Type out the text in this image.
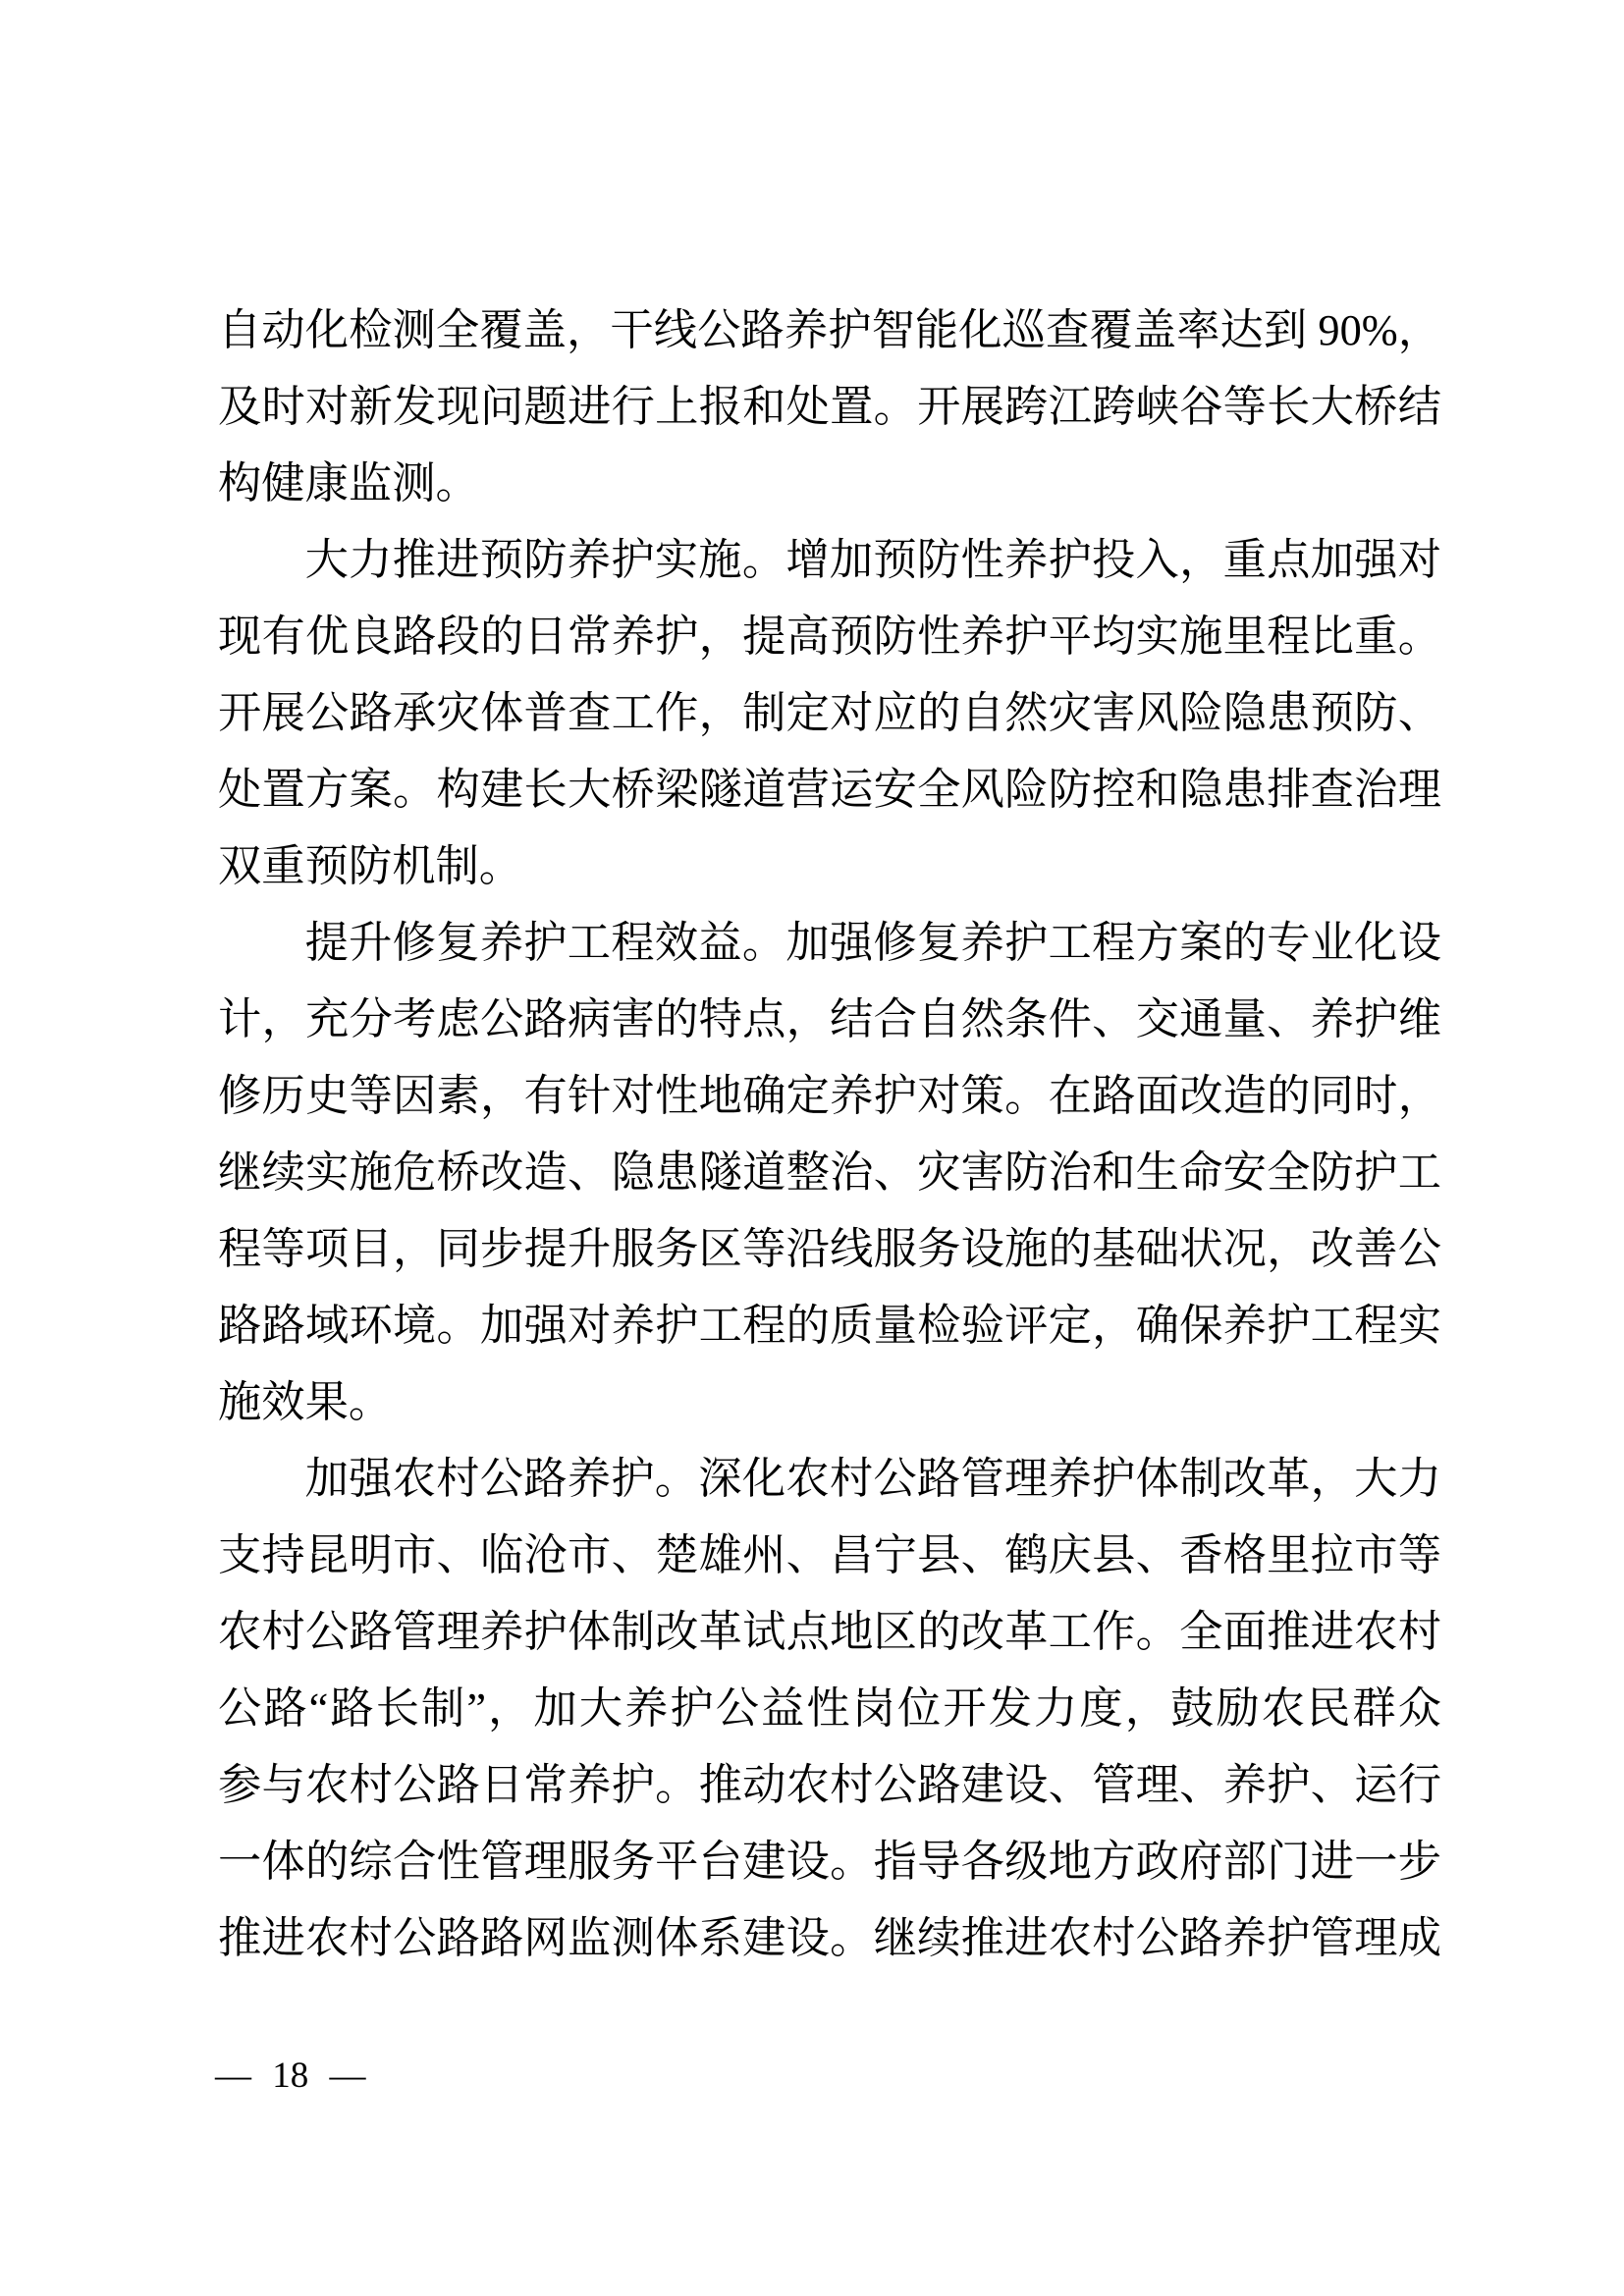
自动化检测全覆盖，干线公路养护智能化巡查覆盖率达到 90%，
及时对新发现问题进行上报和处置。开展跨江跨峡谷等长大桥结
构健康监测。
大力推进预防养护实施。增加预防性养护投入，重点加强对
现有优良路段的日常养护，提高预防性养护平均实施里程比重。
开展公路承灾体普查工作，制定对应的自然灾害风险隐患预防、
处置方案。构建长大桥梁隧道营运安全风险防控和隐患排查治理
双重预防机制。
提升修复养护工程效益。加强修复养护工程方案的专业化设
计，充分考虑公路病害的特点，结合自然条件、交通量、养护维
修历史等因素，有针对性地确定养护对策。在路面改造的同时，
继续实施危桥改造、隐患隧道整治、灾害防治和生命安全防护工
程等项目，同步提升服务区等沿线服务设施的基础状况，改善公
路路域环境。加强对养护工程的质量检验评定，确保养护工程实
施效果。
加强农村公路养护。深化农村公路管理养护体制改革，大力
支持昆明市、临沧市、楚雄州、昌宁县、鹤庆县、香格里拉市等
农村公路管理养护体制改革试点地区的改革工作。全面推进农村
公路“路长制”，加大养护公益性岗位开发力度，鼓励农民群众
参与农村公路日常养护。推动农村公路建设、管理、养护、运行
一体的综合性管理服务平台建设。指导各级地方政府部门进一步
推进农村公路路网监测体系建设。继续推进农村公路养护管理成
— 18 —
